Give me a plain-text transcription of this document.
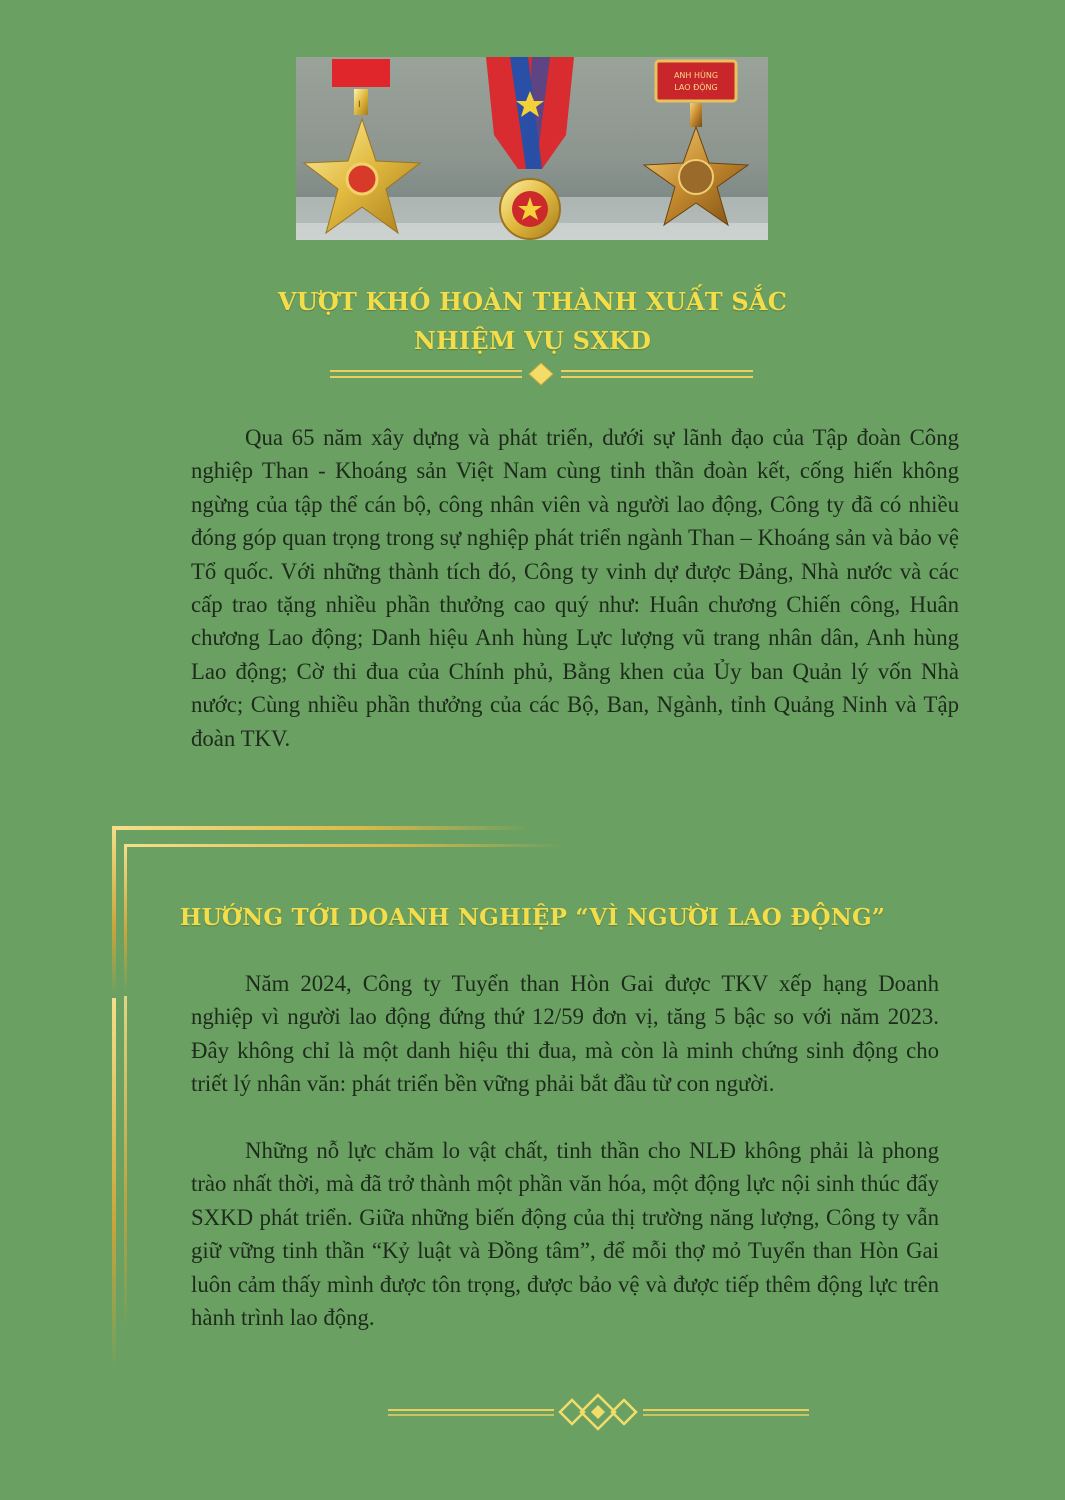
I
ANH HÙNG
LAO ĐỘNG
VƯỢT KHÓ HOÀN THÀNH XUẤT SẮC
NHIỆM VỤ SXKD

Qua 65 năm xây dựng và phát triển, dưới sự lãnh đạo của Tập đoàn Công nghiệp Than - Khoáng sản Việt Nam cùng tinh thần đoàn kết, cống hiến không ngừng của tập thể cán bộ, công nhân viên và người lao động, Công ty đã có nhiều đóng góp quan trọng trong sự nghiệp phát triển ngành Than – Khoáng sản và bảo vệ Tổ quốc. Với những thành tích đó, Công ty vinh dự được Đảng, Nhà nước và các cấp trao tặng nhiều phần thưởng cao quý như: Huân chương Chiến công, Huân chương Lao động; Danh hiệu Anh hùng Lực lượng vũ trang nhân dân, Anh hùng Lao động; Cờ thi đua của Chính phủ, Bằng khen của Ủy ban Quản lý vốn Nhà nước; Cùng nhiều phần thưởng của các Bộ, Ban, Ngành, tỉnh Quảng Ninh và Tập đoàn TKV.

HƯỚNG TỚI DOANH NGHIỆP “VÌ NGƯỜI LAO ĐỘNG”

Năm 2024, Công ty Tuyển than Hòn Gai được TKV xếp hạng Doanh nghiệp vì người lao động đứng thứ 12/59 đơn vị, tăng 5 bậc so với năm 2023. Đây không chỉ là một danh hiệu thi đua, mà còn là minh chứng sinh động cho triết lý nhân văn: phát triển bền vững phải bắt đầu từ con người.

Những nỗ lực chăm lo vật chất, tinh thần cho NLĐ không phải là phong trào nhất thời, mà đã trở thành một phần văn hóa, một động lực nội sinh thúc đẩy SXKD phát triển. Giữa những biến động của thị trường năng lượng, Công ty vẫn giữ vững tinh thần “Kỷ luật và Đồng tâm”, để mỗi thợ mỏ Tuyển than Hòn Gai luôn cảm thấy mình được tôn trọng, được bảo vệ và được tiếp thêm động lực trên hành trình lao động.
